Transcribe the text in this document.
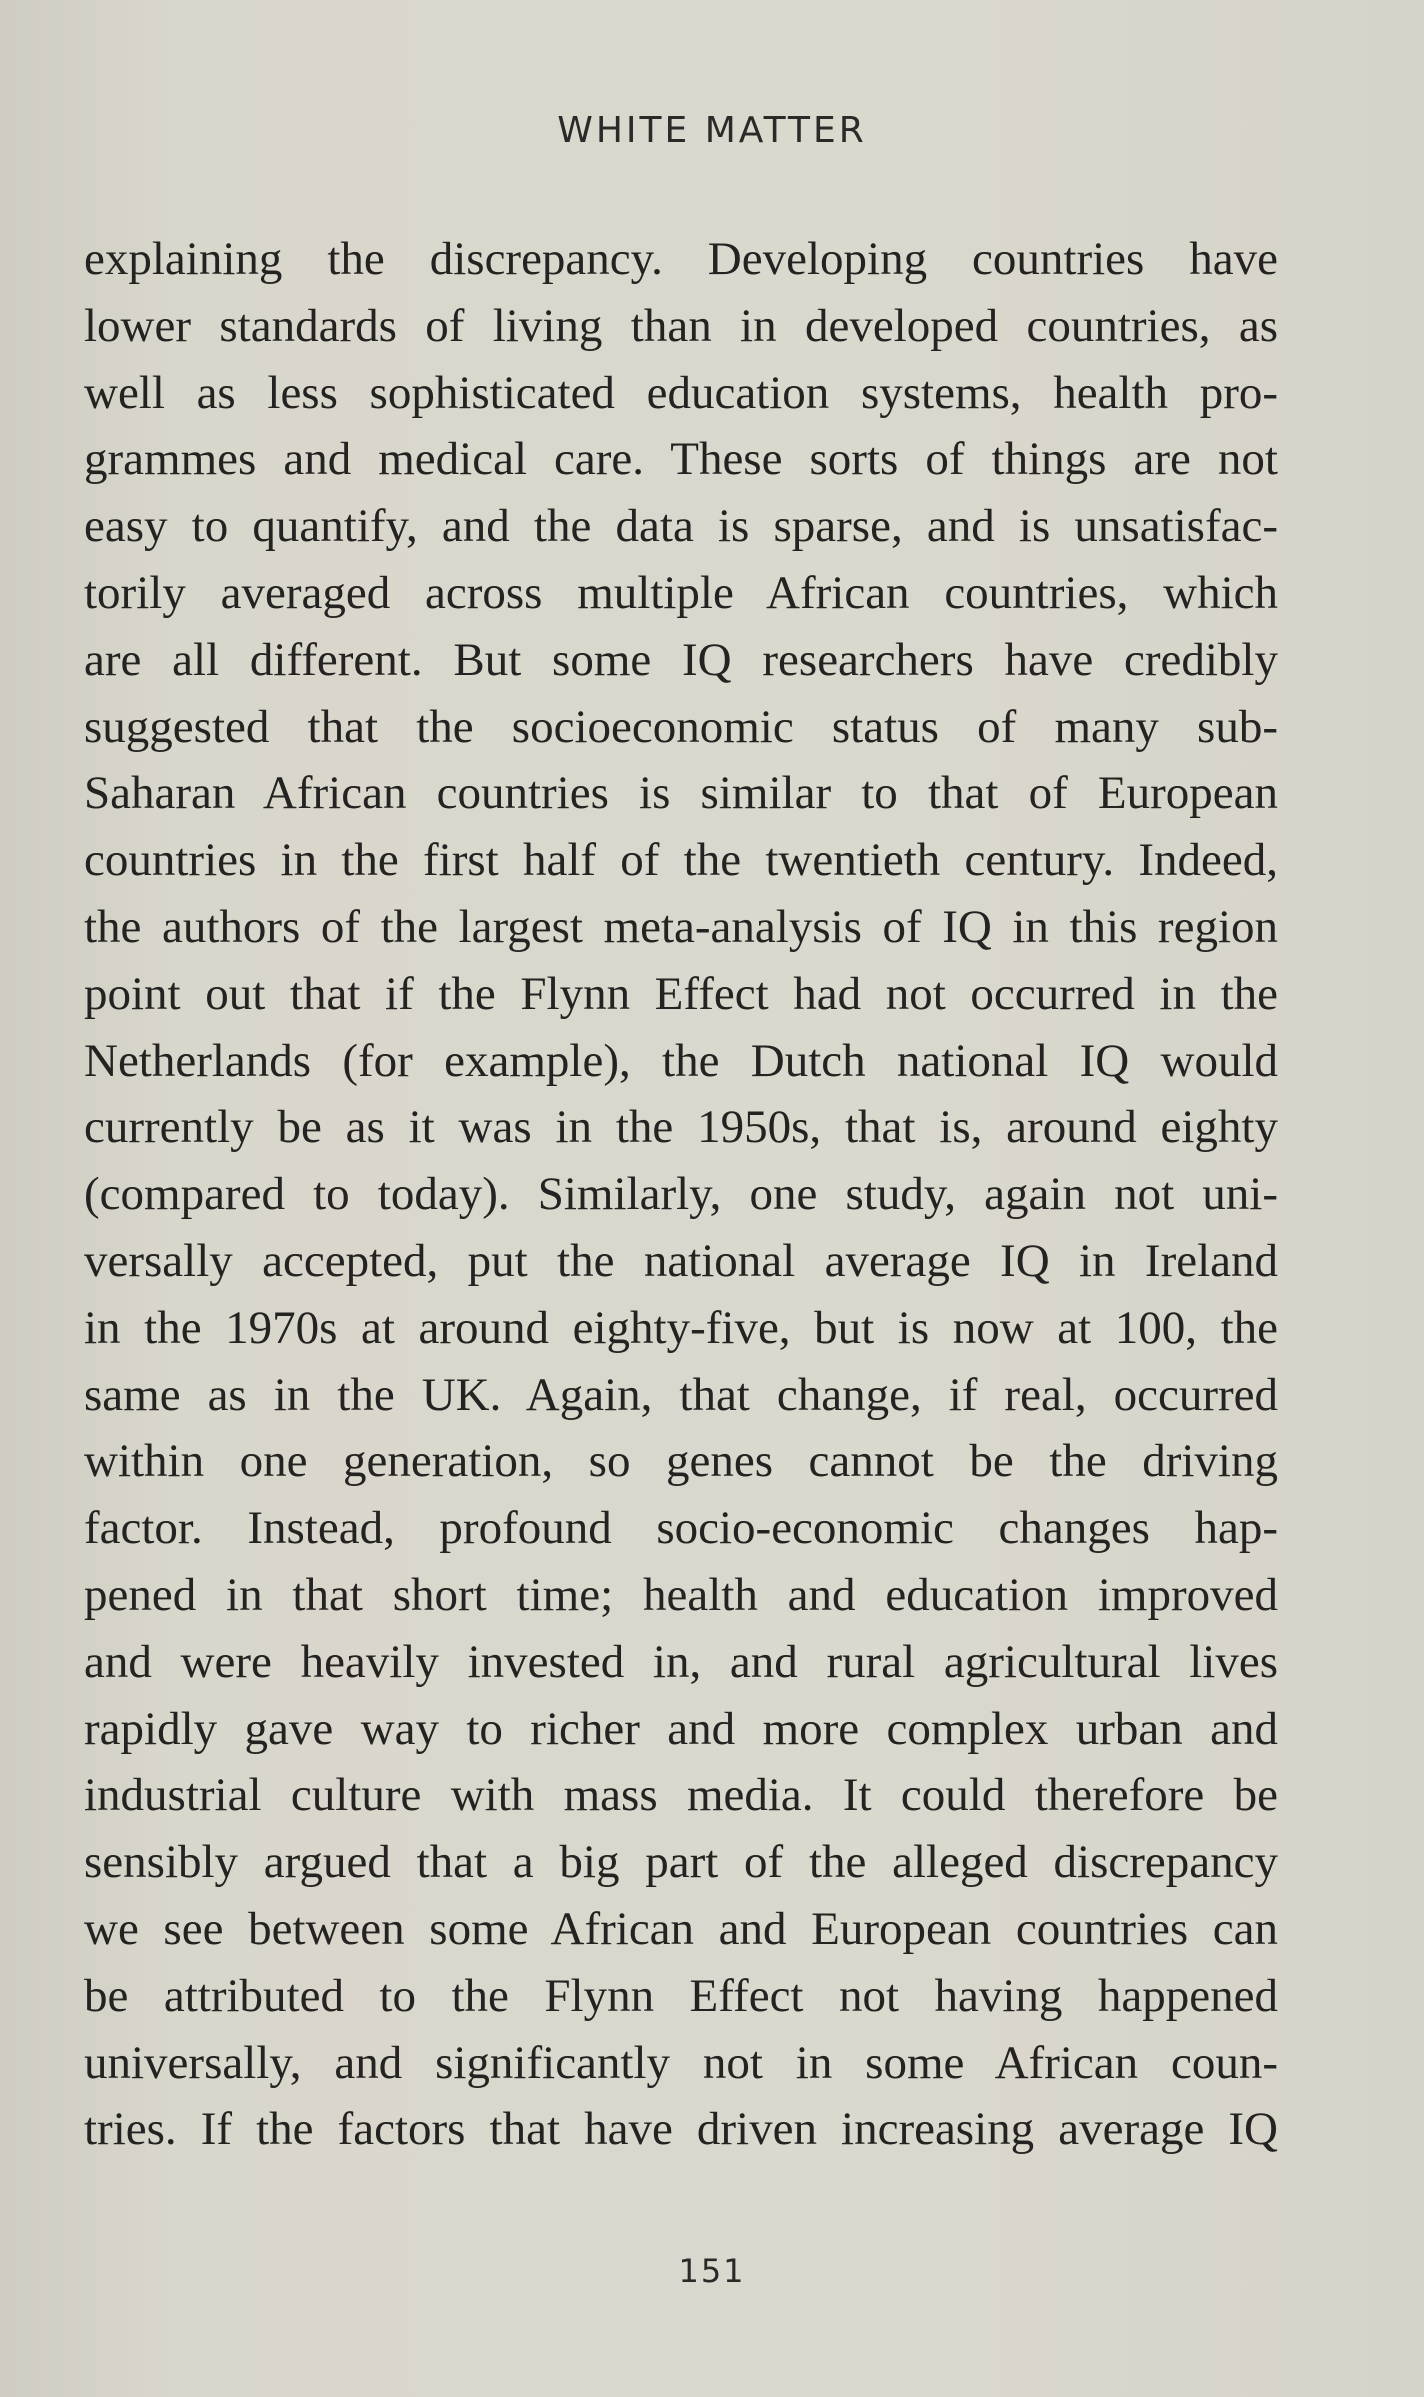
WHITE MATTER
explaining the discrepancy. Developing countries have
lower standards of living than in developed countries, as
well as less sophisticated education systems, health pro-
grammes and medical care. These sorts of things are not
easy to quantify, and the data is sparse, and is unsatisfac-
torily averaged across multiple African countries, which
are all different. But some IQ researchers have credibly
suggested that the socioeconomic status of many sub-
Saharan African countries is similar to that of European
countries in the first half of the twentieth century. Indeed,
the authors of the largest meta-analysis of IQ in this region
point out that if the Flynn Effect had not occurred in the
Netherlands (for example), the Dutch national IQ would
currently be as it was in the 1950s, that is, around eighty
(compared to today). Similarly, one study, again not uni-
versally accepted, put the national average IQ in Ireland
in the 1970s at around eighty-five, but is now at 100, the
same as in the UK. Again, that change, if real, occurred
within one generation, so genes cannot be the driving
factor. Instead, profound socio-economic changes hap-
pened in that short time; health and education improved
and were heavily invested in, and rural agricultural lives
rapidly gave way to richer and more complex urban and
industrial culture with mass media. It could therefore be
sensibly argued that a big part of the alleged discrepancy
we see between some African and European countries can
be attributed to the Flynn Effect not having happened
universally, and significantly not in some African coun-
tries. If the factors that have driven increasing average IQ
151
